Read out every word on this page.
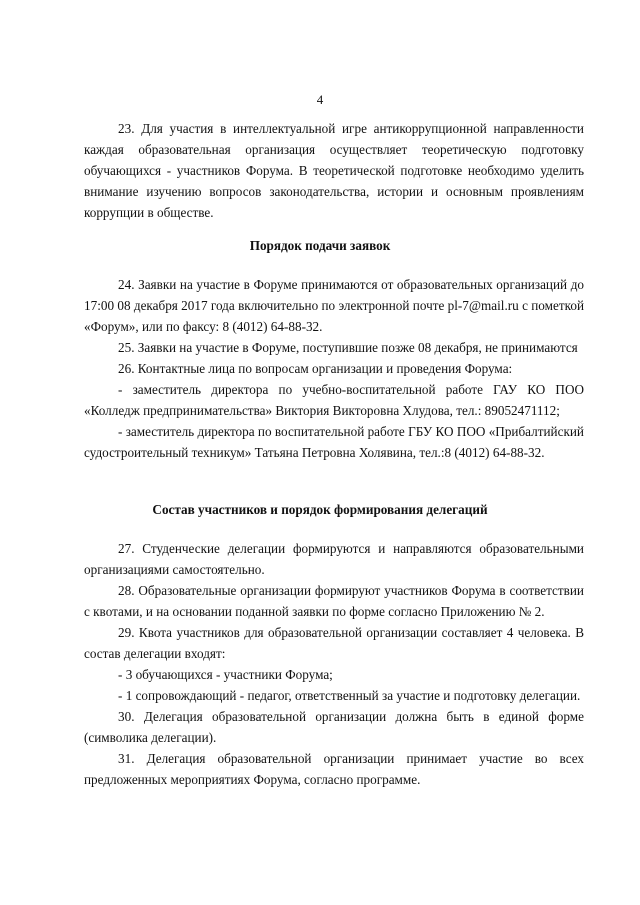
4

23. Для участия в интеллектуальной игре антикоррупционной направленности каждая образовательная организация осуществляет теоретическую подготовку обучающихся - участников Форума. В теоретической подготовке необходимо уделить внимание изучению вопросов законодательства, истории и основным проявлениям коррупции в обществе.

Порядок подачи заявок

24. Заявки на участие в Форуме принимаются от образовательных организаций до 17:00 08 декабря 2017 года включительно по электронной почте pl-7@mail.ru с пометкой «Форум», или по факсу: 8 (4012) 64-88-32.

25. Заявки на участие в Форуме, поступившие позже 08 декабря, не принимаются

26. Контактные лица по вопросам организации и проведения Форума:

- заместитель директора по учебно-воспитательной работе ГАУ КО ПОО «Колледж предпринимательства» Виктория Викторовна Хлудова, тел.: 89052471112;

- заместитель директора по воспитательной работе ГБУ КО ПОО «Прибалтийский судостроительный техникум» Татьяна Петровна Холявина, тел.:8 (4012) 64-88-32.

Состав участников и порядок формирования делегаций

27. Студенческие делегации формируются и направляются образовательными организациями самостоятельно.

28. Образовательные организации формируют участников Форума в соответствии с квотами, и на основании поданной заявки по форме согласно Приложению № 2.

29. Квота участников для образовательной организации составляет 4 человека. В состав делегации входят:

- 3 обучающихся - участники Форума;

- 1 сопровождающий - педагог, ответственный за участие и подготовку делегации.

30. Делегация образовательной организации должна быть в единой форме (символика делегации).

31. Делегация образовательной организации принимает участие во всех предложенных мероприятиях Форума, согласно программе.
